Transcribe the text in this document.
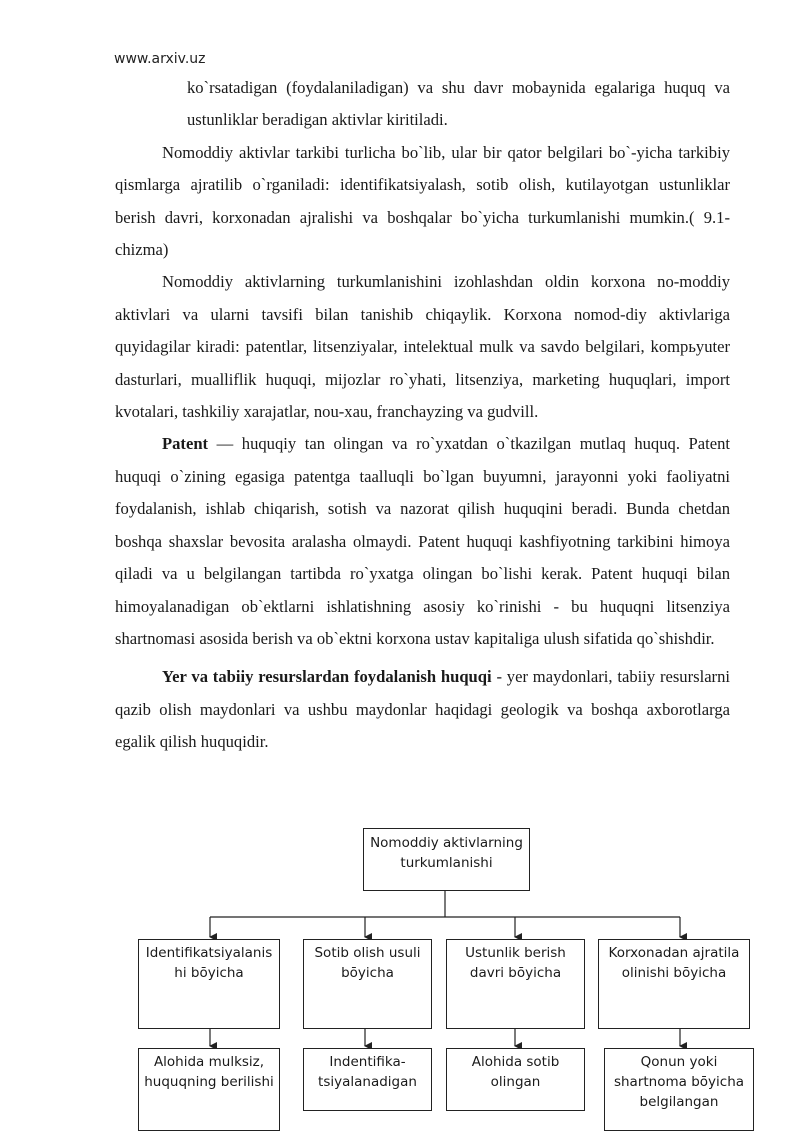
www.arxiv.uz

ko`rsatadigan (foydalaniladigan) va shu davr mobaynida egalariga huquq va ustunliklar beradigan aktivlar kiritiladi.

Nomoddiy aktivlar tarkibi turlicha bo`lib, ular bir qator belgilari bo`-yicha tarkibiy qismlarga ajratilib o`rganiladi: identifikatsiyalash, sotib olish, kutilayotgan ustunliklar berish davri, korxonadan ajralishi va boshqalar bo`yicha turkumlanishi mumkin.( 9.1-chizma)

Nomoddiy aktivlarning turkumlanishini izohlashdan oldin korxona no-moddiy aktivlari va ularni tavsifi bilan tanishib chiqaylik. Korxona nomod-diy aktivlariga quyidagilar kiradi: patentlar, litsenziyalar, intelektual mulk va savdo belgilari, kompьyuter dasturlari, mualliflik huquqi, mijozlar ro`yhati, litsenziya, marketing huquqlari, import kvotalari, tashkiliy xarajatlar, nou-xau, franchayzing va gudvill.

Patent — huquqiy tan olingan va ro`yxatdan o`tkazilgan mutlaq huquq. Patent huquqi o`zining egasiga patentga taalluqli bo`lgan buyumni, jarayonni yoki faoliyatni foydalanish, ishlab chiqarish, sotish va nazorat qilish huquqini beradi. Bunda chetdan boshqa shaxslar bevosita aralasha olmaydi. Patent huquqi kashfiyotning tarkibini himoya qiladi va u belgilangan tartibda ro`yxatga olingan bo`lishi kerak. Patent huquqi bilan himoyalanadigan ob`ektlarni ishlatishning asosiy ko`rinishi - bu huquqni litsenziya shartnomasi asosida berish va ob`ektni korxona ustav kapitaliga ulush sifatida qo`shishdir.

Yer va tabiiy resurslardan foydalanish huquqi - yer maydonlari, tabiiy resurslarni qazib olish maydonlari va ushbu maydonlar haqidagi geologik va boshqa axborotlarga egalik qilish huquqidir.

Nomoddiy aktivlarning turkumlanishi
Identifikatsiyalanis hi bо̄yicha
Sotib olish usuli bо̄yicha
Ustunlik berish davri bо̄yicha
Korxonadan ajratila olinishi bо̄yicha
Alohida mulksiz, huquqning berilishi
Indentifika-tsiyalanadigan
Alohida sotib olingan
Qonun yoki shartnoma bо̄yicha belgilangan
